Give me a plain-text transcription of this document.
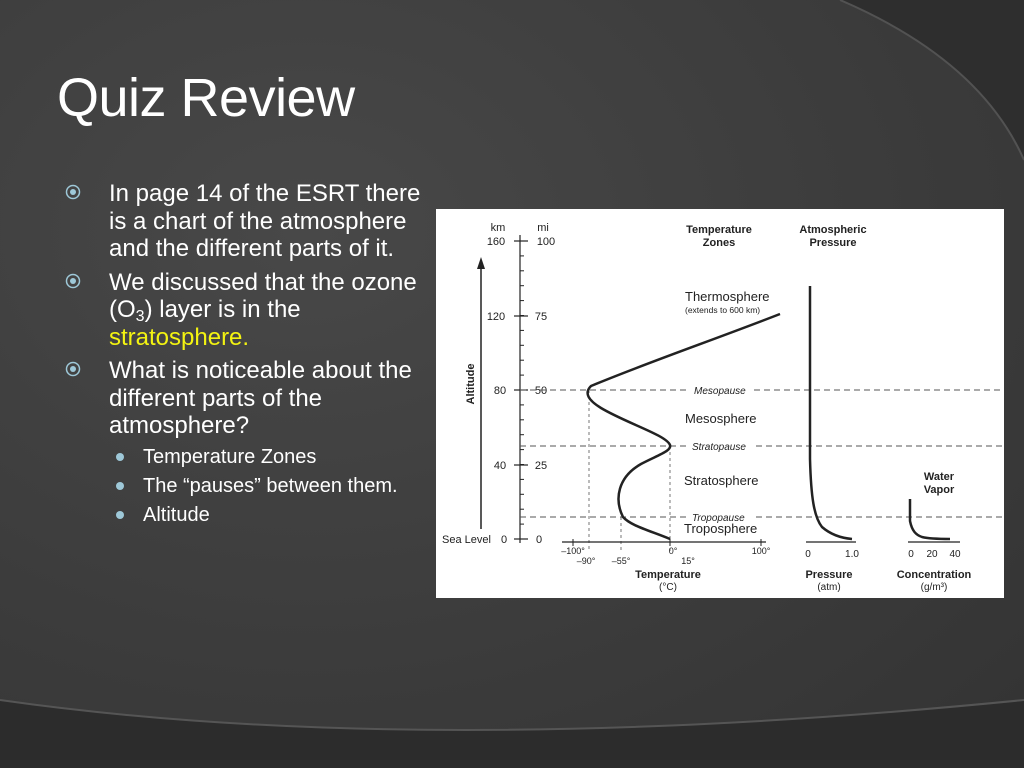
Quiz Review
In page 14 of the ESRT there is a chart of the atmosphere and the different parts of it.
We discussed that the ozone $(O_3)$ layer is in the stratosphere.
What is noticeable about the different parts of the atmosphere?
Temperature Zones
The “pauses” between them.
Altitude
Altitude
km	mi
160
120
80
40
0
Sea Level
100
75
50
25
0
Mesopause
Stratopause
Tropopause
–100°	0°	100°
–90° –55°	15°
Temperature
(°C)
Temperature
Zones
Thermosphere
(extends to 600 km)
Mesosphere
Stratosphere
Troposphere
Atmospheric
Pressure
0	1.0
Pressure
(atm)
Water
Vapor
0 20 40
Concentration
(g/m³)
